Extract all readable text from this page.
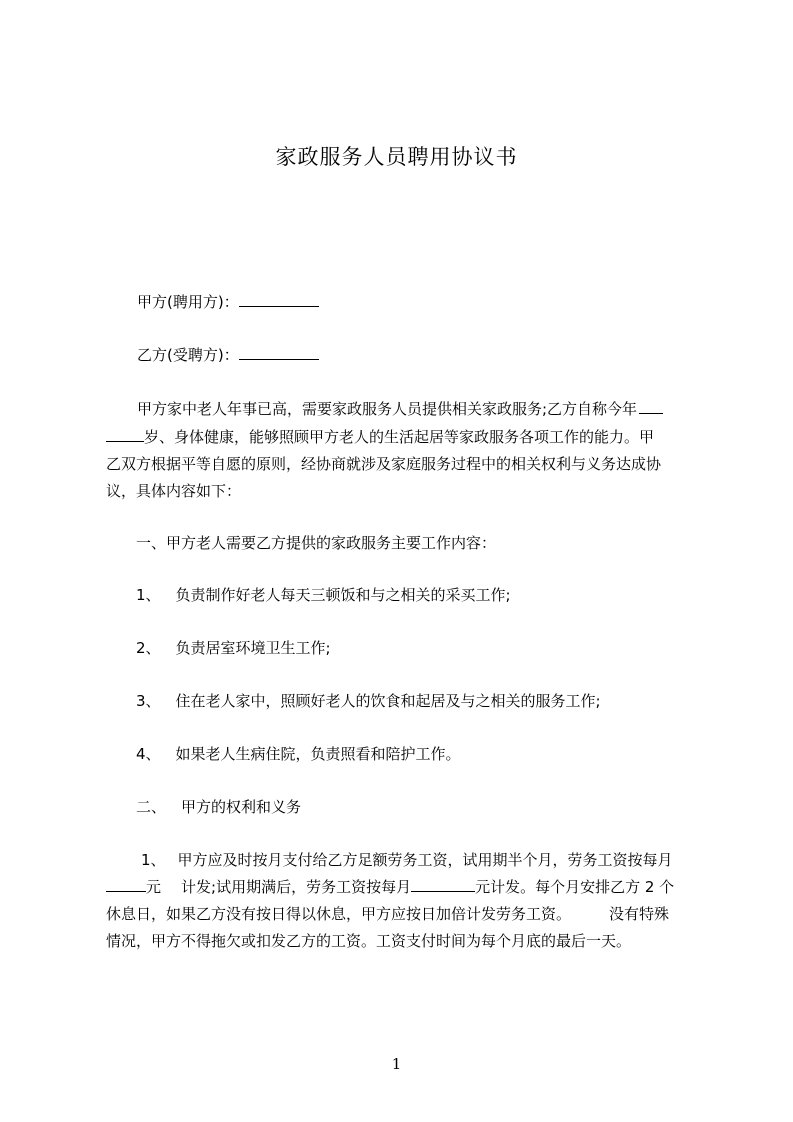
家政服务人员聘用协议书
甲方(聘用方)：
乙方(受聘方)：
甲方家中老人年事已高，需要家政服务人员提供相关家政服务;乙方自称今年
岁、身体健康，能够照顾甲方老人的生活起居等家政服务各项工作的能力。甲
乙双方根据平等自愿的原则，经协商就涉及家庭服务过程中的相关权利与义务达成协
议，具体内容如下：
一、甲方老人需要乙方提供的家政服务主要工作内容：
1、 负责制作好老人每天三顿饭和与之相关的采买工作;
2、 负责居室环境卫生工作;
3、 住在老人家中，照顾好老人的饮食和起居及与之相关的服务工作;
4、 如果老人生病住院，负责照看和陪护工作。
二、 甲方的权利和义务
1、 甲方应及时按月支付给乙方足额劳务工资，试用期半个月，劳务工资按每月
元 计发;试用期满后，劳务工资按每月	元计发。每个月安排乙方 2 个
休息日，如果乙方没有按日得以休息，甲方应按日加倍计发劳务工资。	没有特殊
情况，甲方不得拖欠或扣发乙方的工资。工资支付时间为每个月底的最后一天。
1
